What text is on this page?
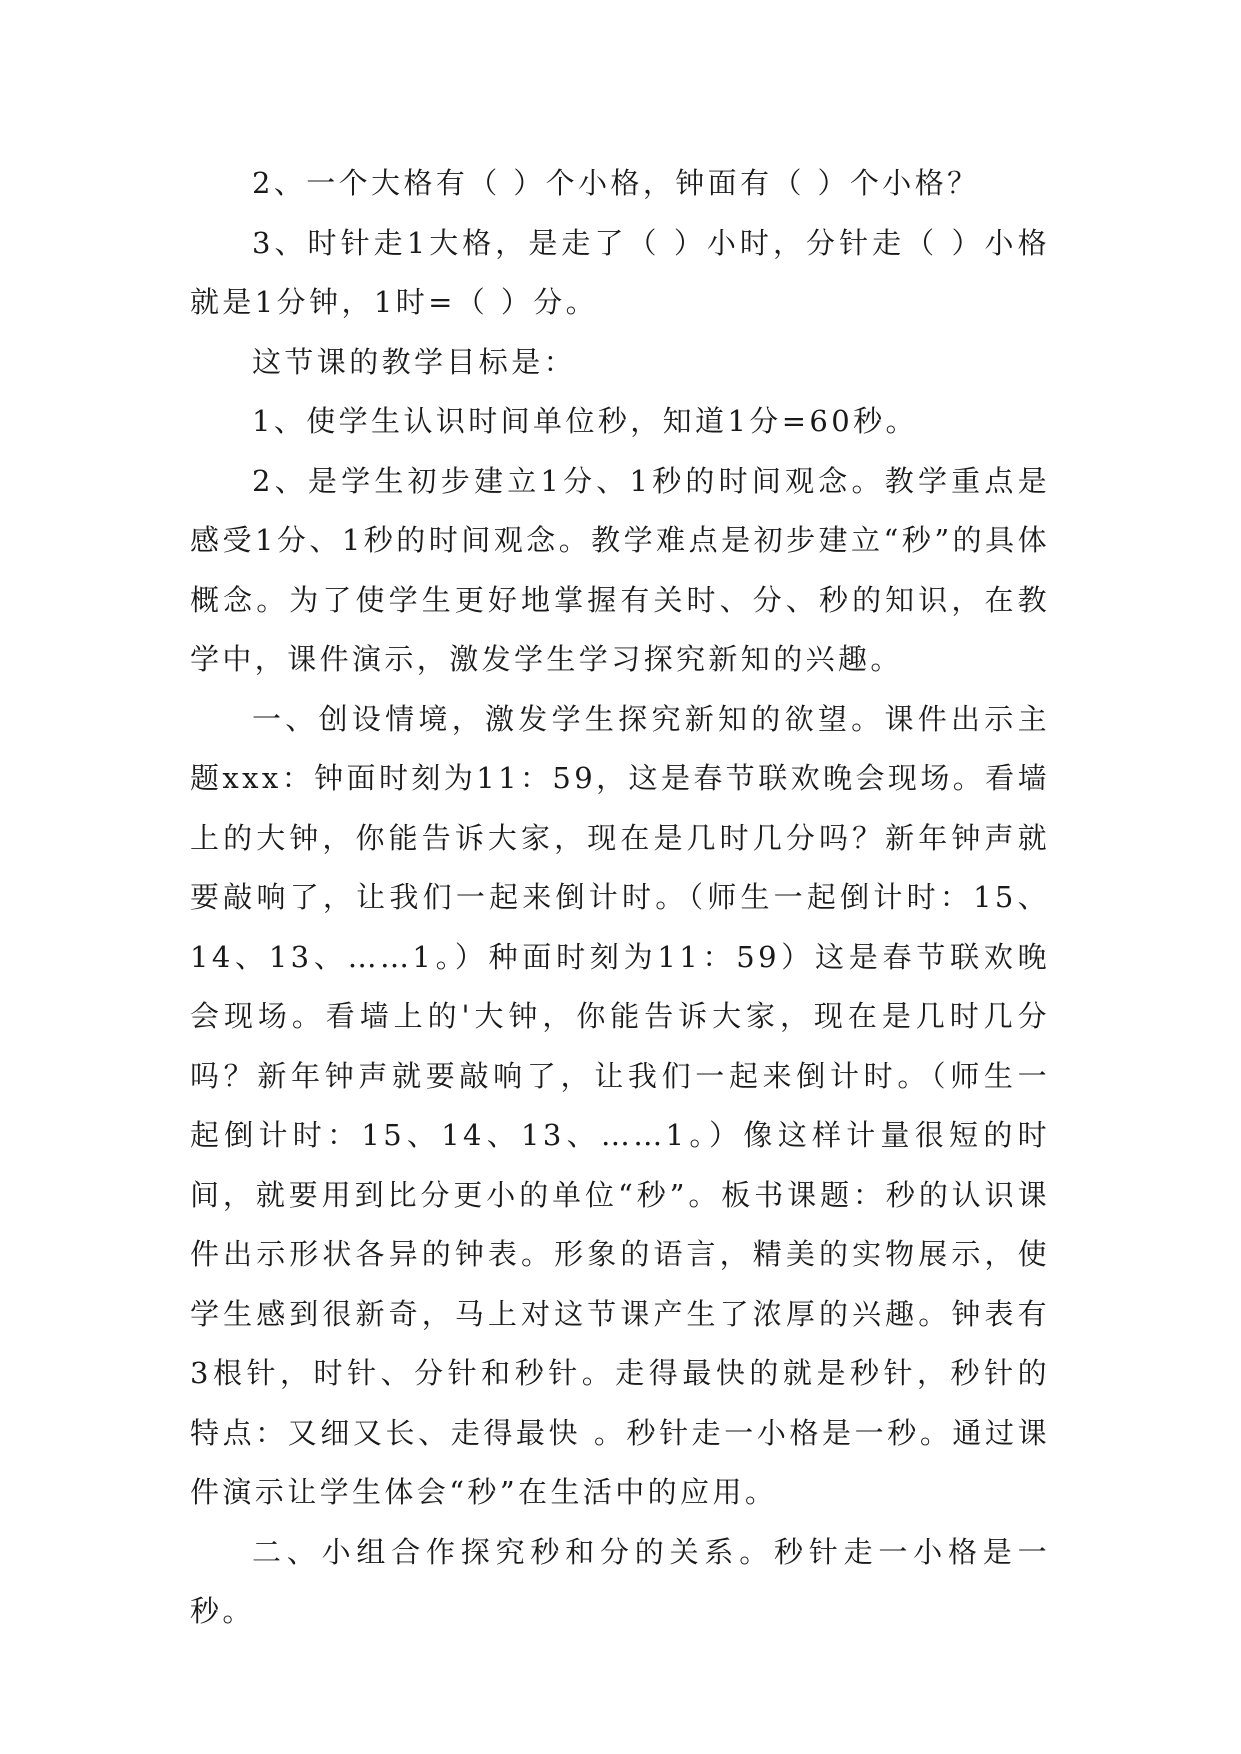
2、一个大格有（ ）个小格，钟面有（ ）个小格？

3、时针走1大格，是走了（ ）小时，分针走（ ）小格就是1分钟，1时=（ ）分。

这节课的教学目标是：

1、使学生认识时间单位秒，知道1分=60秒。

2、是学生初步建立1分、1秒的时间观念。教学重点是感受1分、1秒的时间观念。教学难点是初步建立“秒”的具体概念。为了使学生更好地掌握有关时、分、秒的知识，在教学中，课件演示，激发学生学习探究新知的兴趣。

一、创设情境，激发学生探究新知的欲望。课件出示主题xxx：钟面时刻为11：59，这是春节联欢晚会现场。看墙上的大钟，你能告诉大家，现在是几时几分吗？新年钟声就要敲响了，让我们一起来倒计时。（师生一起倒计时：15、14、13、……1。）种面时刻为11：59）这是春节联欢晚会现场。看墙上的'大钟，你能告诉大家，现在是几时几分吗？新年钟声就要敲响了，让我们一起来倒计时。（师生一起倒计时：15、14、13、……1。）像这样计量很短的时间，就要用到比分更小的单位“秒”。板书课题：秒的认识课件出示形状各异的钟表。形象的语言，精美的实物展示，使学生感到很新奇，马上对这节课产生了浓厚的兴趣。钟表有3根针，时针、分针和秒针。走得最快的就是秒针，秒针的特点：又细又长、走得最快 。秒针走一小格是一秒。通过课件演示让学生体会“秒”在生活中的应用。

二、小组合作探究秒和分的关系。秒针走一小格是一秒。
